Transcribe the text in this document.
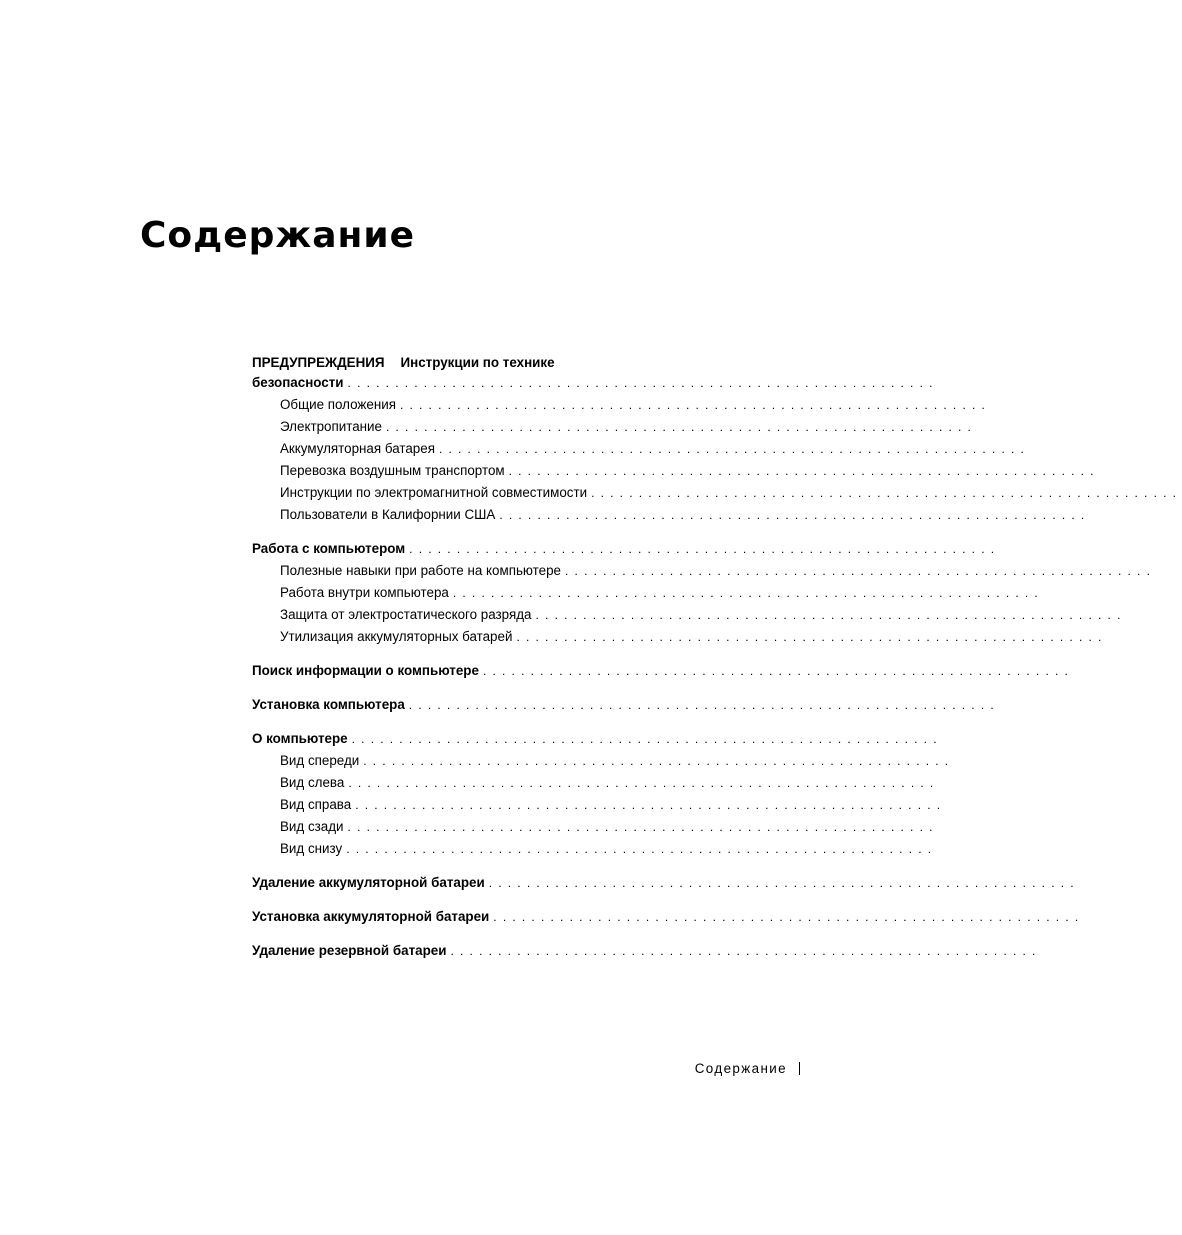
Содержание
ПРЕДУПРЕЖДЕНИЯ Инструкции по технике
безопасности ..............................................................
Общие положения ..............................................................
Электропитание ..............................................................
Аккумуляторная батарея ..............................................................
Перевозка воздушным транспортом ..............................................................
Инструкции по электромагнитной совместимости ..............................................................
Пользователи в Калифорнии США ..............................................................
Работа с компьютером ..............................................................
Полезные навыки при работе на компьютере ..............................................................
Работа внутри компьютера ..............................................................
Защита от электростатического разряда ..............................................................
Утилизация аккумуляторных батарей ..............................................................
Поиск информации о компьютере ..............................................................
Установка компьютера ..............................................................
О компьютере ..............................................................
Вид спереди ..............................................................
Вид слева ..............................................................
Вид справа ..............................................................
Вид сзади ..............................................................
Вид снизу ..............................................................
Удаление аккумуляторной батареи ..............................................................
Установка аккумуляторной батареи ..............................................................
Удаление резервной батареи ..............................................................
Содержание
